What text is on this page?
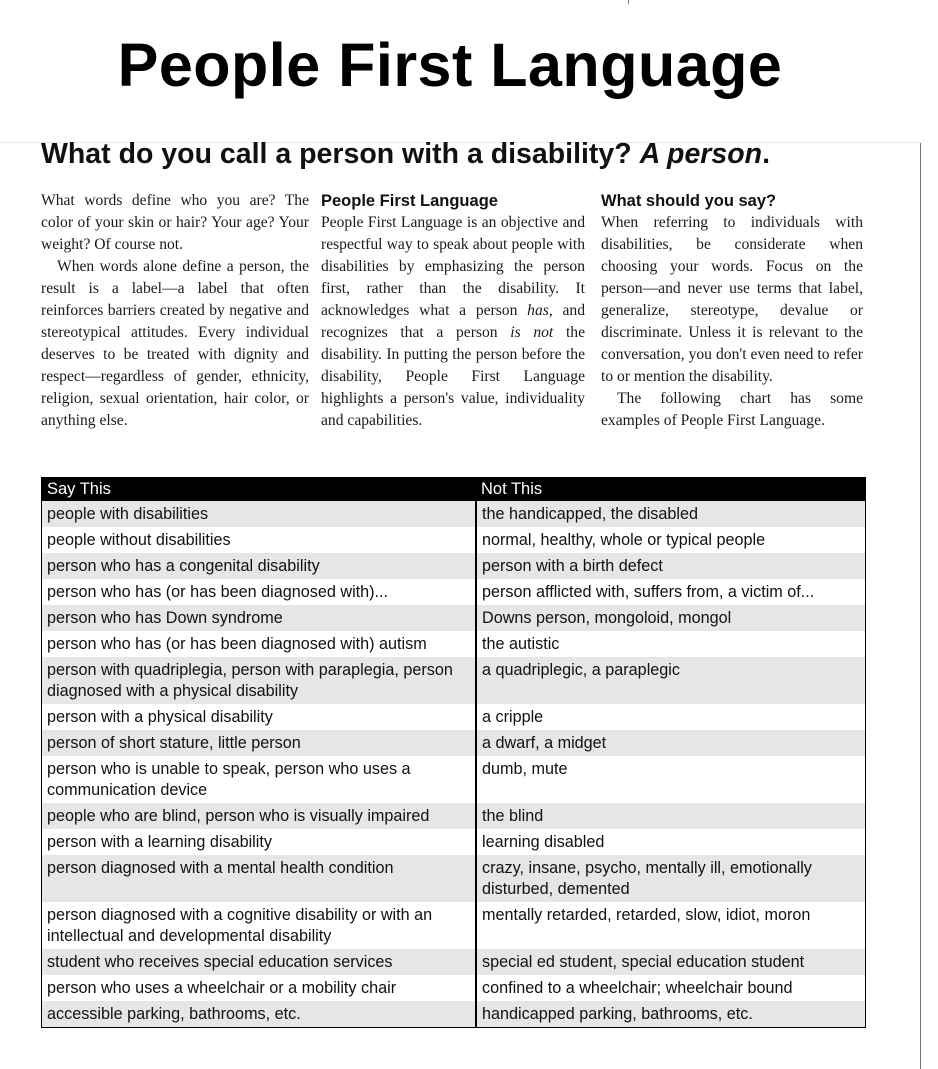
People First Language
What do you call a person with a disability? A person.

What words define who you are? The color of your skin or hair? Your age? Your weight? Of course not.

When words alone define a person, the result is a label—a label that often reinforces barriers created by negative and stereotypical attitudes. Every individual deserves to be treated with dignity and respect—regardless of gender, ethnicity, religion, sexual orientation, hair color, or anything else.

People First Language

People First Language is an objective and respectful way to speak about people with disabilities by emphasizing the person first, rather than the disability. It acknowledges what a person has, and recognizes that a person is not the disability. In putting the person before the disability, People First Language highlights a person's value, individuality and capabilities.

What should you say?

When referring to individuals with disabilities, be considerate when choosing your words. Focus on the person—and never use terms that label, generalize, stereotype, devalue or discriminate. Unless it is relevant to the conversation, you don't even need to refer to or mention the disability.

The following chart has some examples of People First Language.

Say This	Not This
people with disabilities	the handicapped, the disabled
people without disabilities	normal, healthy, whole or typical people
person who has a congenital disability	person with a birth defect
person who has (or has been diagnosed with)...	person afflicted with, suffers from, a victim of...
person who has Down syndrome	Downs person, mongoloid, mongol
person who has (or has been diagnosed with) autism	the autistic
person with quadriplegia, person with paraplegia, person diagnosed with a physical disability	a quadriplegic, a paraplegic
person with a physical disability	a cripple
person of short stature, little person	a dwarf, a midget
person who is unable to speak, person who uses a communication device	dumb, mute
people who are blind, person who is visually impaired	the blind
person with a learning disability	learning disabled
person diagnosed with a mental health condition	crazy, insane, psycho, mentally ill, emotionally disturbed, demented
person diagnosed with a cognitive disability or with an intellectual and developmental disability	mentally retarded, retarded, slow, idiot, moron
student who receives special education services	special ed student, special education student
person who uses a wheelchair or a mobility chair	confined to a wheelchair; wheelchair bound
accessible parking, bathrooms, etc.	handicapped parking, bathrooms, etc.
